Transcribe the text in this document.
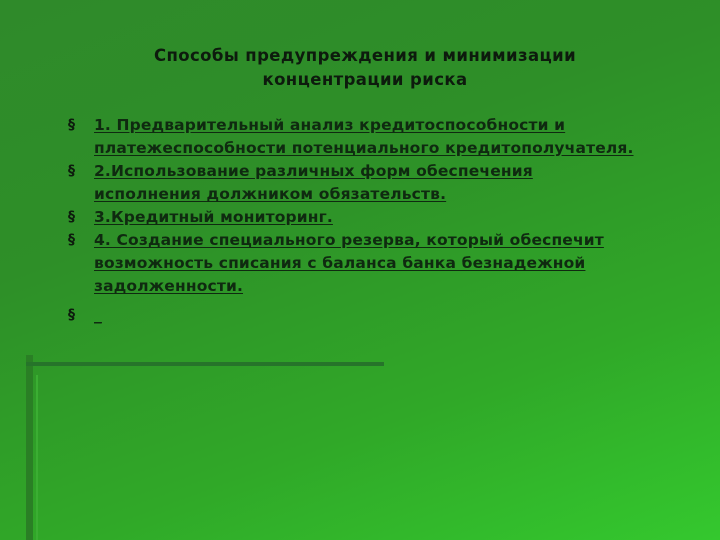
Способы предупреждения и минимизации
концентрации риска
§ 1. Предварительный анализ кредитоспособности и
платежеспособности потенциального кредитополучателя.
§ 2.Использование различных форм обеспечения
исполнения должником обязательств.
§ 3.Кредитный мониторинг.
§ 4. Создание специального резерва, который обеспечит
возможность списания с баланса банка безнадежной
задолженности.
§ _
